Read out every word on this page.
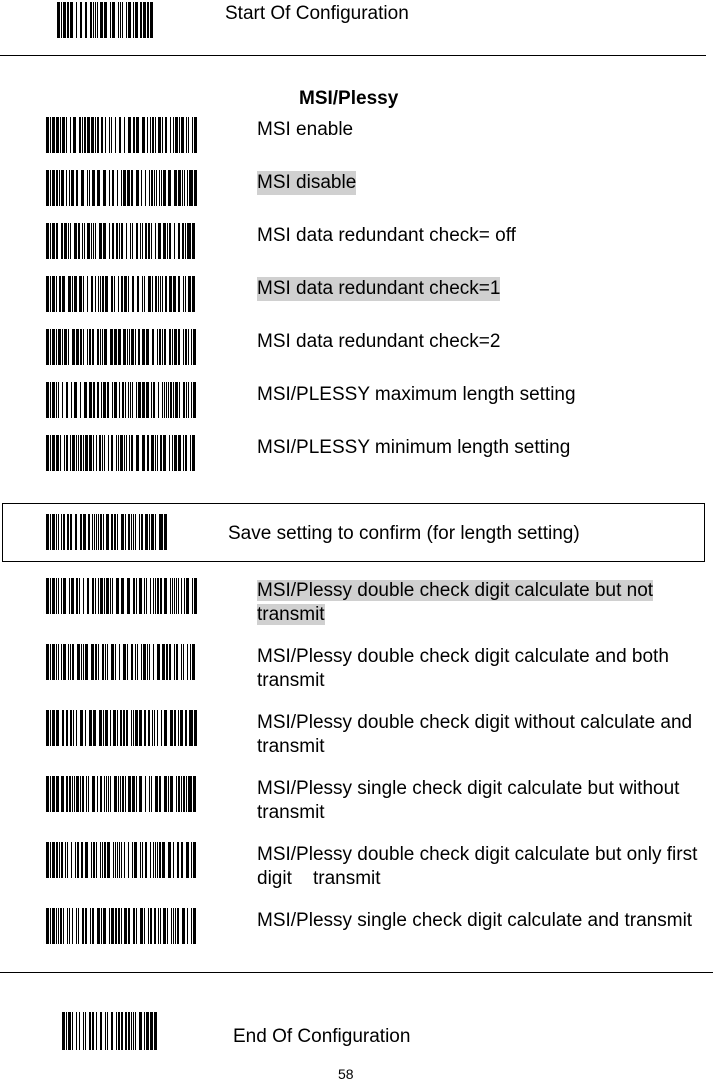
Start Of Configuration
MSI/Plessy
MSI enable
MSI disable
MSI data redundant check= off
MSI data redundant check=1
MSI data redundant check=2
MSI/PLESSY maximum length setting
MSI/PLESSY minimum length setting
Save setting to confirm (for length setting)
MSI/Plessy double check digit calculate but not transmit
MSI/Plessy double check digit calculate and both transmit
MSI/Plessy double check digit without calculate and transmit
MSI/Plessy single check digit calculate but without transmit
MSI/Plessy double check digit calculate but only first digit    transmit
MSI/Plessy single check digit calculate and transmit
End Of Configuration
58
